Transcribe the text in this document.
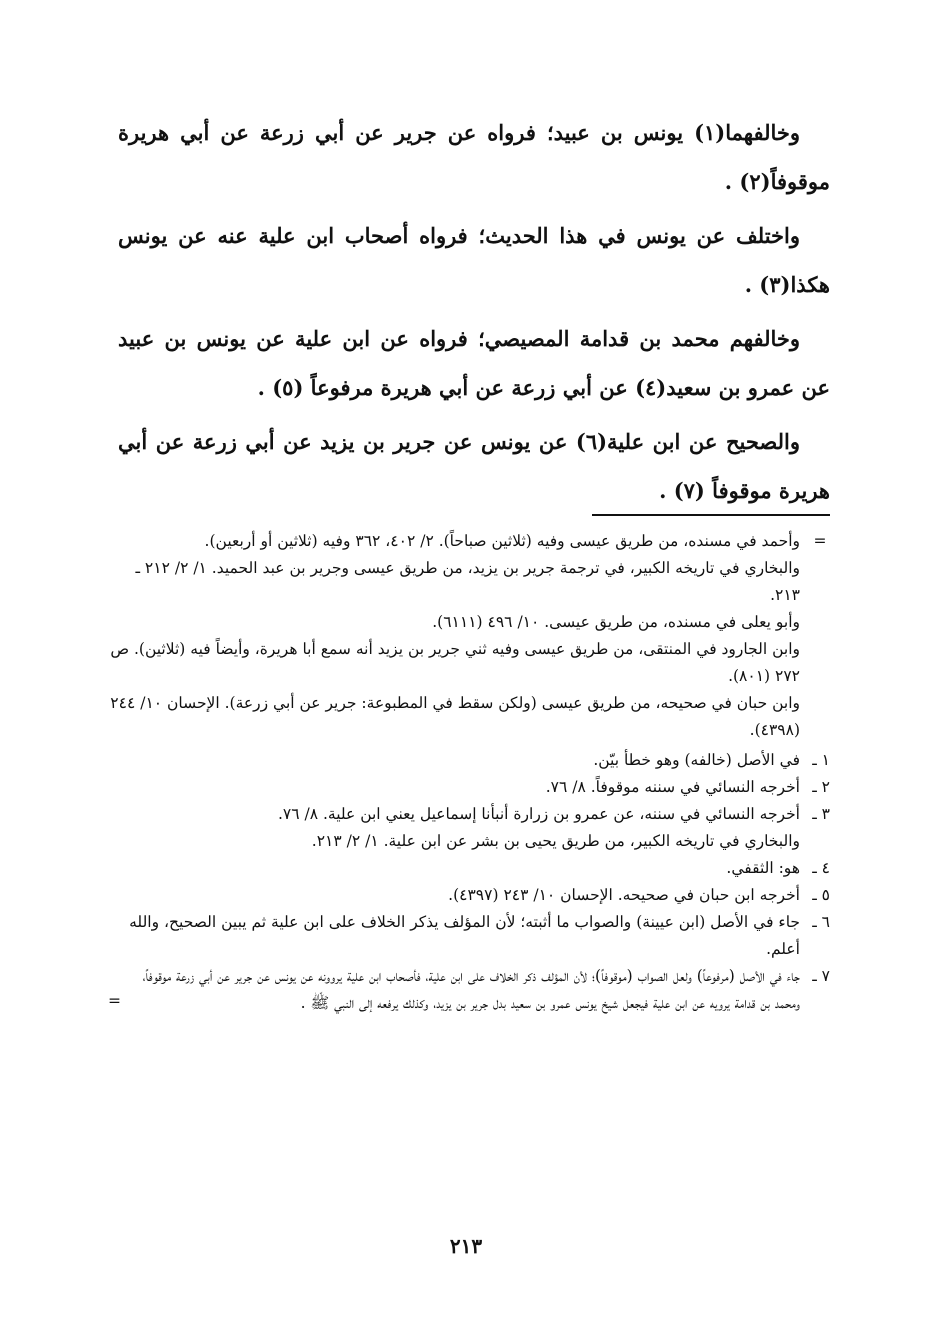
وخالفهما(١) يونس بن عبيد؛ فرواه عن جرير عن أبي زرعة عن أبي هريرة موقوفاً(٢) .

واختلف عن يونس في هذا الحديث؛ فرواه أصحاب ابن علية عنه عن يونس هكذا(٣) .

وخالفهم محمد بن قدامة المصيصي؛ فرواه عن ابن علية عن يونس بن عبيد عن عمرو بن سعيد(٤) عن أبي زرعة عن أبي هريرة مرفوعاً (٥) .

والصحيح عن ابن علية(٦) عن يونس عن جرير بن يزيد عن أبي زرعة عن أبي هريرة موقوفاً (٧) .

=

وأحمد في مسنده، من طريق عيسى وفيه (ثلاثين صباحاً). ٢/ ٤٠٢، ٣٦٢ وفيه (ثلاثين أو أربعين).

والبخاري في تاريخه الكبير، في ترجمة جرير بن يزيد، من طريق عيسى وجرير بن عبد الحميد. ١/ ٢/ ٢١٢ ـ ٢١٣.

وأبو يعلى في مسنده، من طريق عيسى. ١٠/ ٤٩٦ (٦١١١).

وابن الجارود في المنتقى، من طريق عيسى وفيه ثني جرير بن يزيد أنه سمع أبا هريرة، وأيضاً فيه (ثلاثين). ص ٢٧٢ (٨٠١).

وابن حبان في صحيحه، من طريق عيسى (ولكن سقط في المطبوعة: جرير عن أبي زرعة). الإحسان ١٠/ ٢٤٤ (٤٣٩٨).

١ ـ

في الأصل (خالفه) وهو خطأ بيّن.

٢ ـ

أخرجه النسائي في سننه موقوفاً. ٨/ ٧٦.

٣ ـ

أخرجه النسائي في سننه، عن عمرو بن زرارة أنبأنا إسماعيل يعني ابن علية. ٨/ ٧٦.

والبخاري في تاريخه الكبير، من طريق يحيى بن بشر عن ابن علية. ١/ ٢/ ٢١٣.

٤ ـ

هو: الثقفي.

٥ ـ

أخرجه ابن حبان في صحيحه. الإحسان ١٠/ ٢٤٣ (٤٣٩٧).

٦ ـ

جاء في الأصل (ابن عيينة) والصواب ما أثبته؛ لأن المؤلف يذكر الخلاف على ابن علية ثم يبين الصحيح، والله أعلم.

٧ ـ

جاء في الأصل (مرفوعاً) ولعل الصواب (موقوفاً)؛ لأن المؤلف ذكر الخلاف على ابن علية، فأصحاب ابن علية يروونه عن يونس عن جرير عن أبي زرعة موقوفاً، ومحمد بن قدامة يرويه عن ابن علية فيجعل شيخ يونس عمرو بن سعيد بدل جرير بن يزيد، وكذلك يرفعه إلى النبي ﷺ .

=
٢١٣
